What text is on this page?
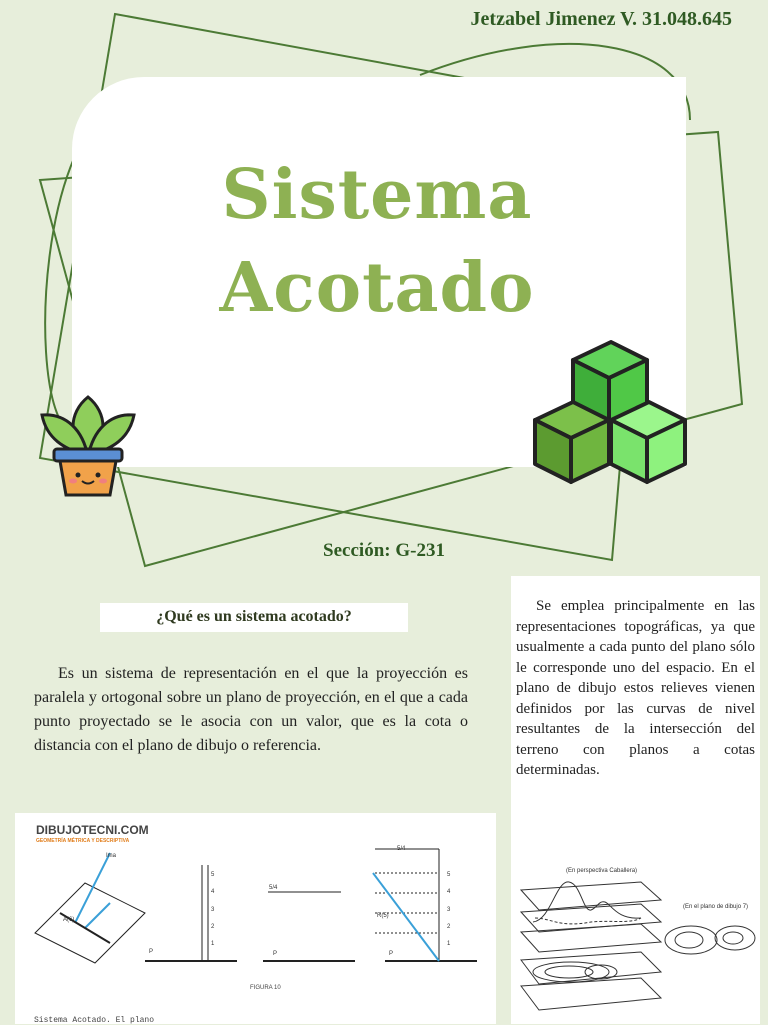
Jetzabel Jimenez V. 31.048.645
Sistema
Acotado
Sección: G-231
¿Qué es un sistema acotado?
Es un sistema de representación en el que la proyección es paralela y ortogonal sobre un plano de proyección, en el que a cada punto proyectado se le asocia con un valor, que es la cota o distancia con el plano de dibujo o referencia.
Se emplea principalmente en las representaciones topográficas, ya que usualmente a cada punto del plano sólo le corresponde uno del espacio. En el plano de dibujo estos relieves vienen definidos por las curvas de nivel resultantes de la intersección del terreno con planos a cotas determinadas.
(En perspectiva Caballera)
(En el plano de dibujo 7)
DIBUJOTECNI.COM
GEOMETRÍA MÉTRICA Y DESCRIPTIVA
Ima
A(6)
P
5/4
P
5/4
R(5)
P
1
2
3
4
5
1
2
3
4
5
FIGURA 10
Sistema Acotado. El plano
